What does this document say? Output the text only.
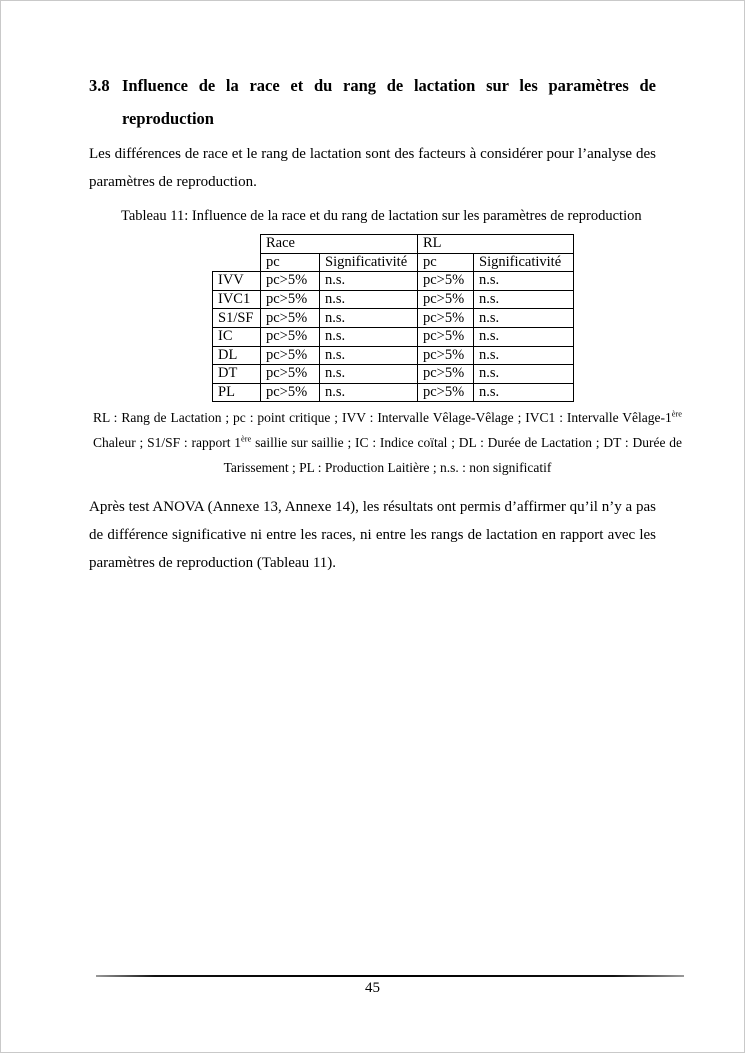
3.8 Influence de la race et du rang de lactation sur les paramètres de reproduction

Les différences de race et le rang de lactation sont des facteurs à considérer pour l’analyse des paramètres de reproduction.

Tableau 11: Influence de la race et du rang de lactation sur les paramètres de reproduction
	Race		RL	
	pc	Significativité	pc	Significativité
IVV	pc>5%	n.s.	pc>5%	n.s.
IVC1	pc>5%	n.s.	pc>5%	n.s.
S1/SF	pc>5%	n.s.	pc>5%	n.s.
IC	pc>5%	n.s.	pc>5%	n.s.
DL	pc>5%	n.s.	pc>5%	n.s.
DT	pc>5%	n.s.	pc>5%	n.s.
PL	pc>5%	n.s.	pc>5%	n.s.
RL : Rang de Lactation ; pc : point critique ; IVV : Intervalle Vêlage-Vêlage ; IVC1 : Intervalle Vêlage-1ère Chaleur ; S1/SF : rapport 1ère saillie sur saillie ; IC : Indice coïtal ; DL : Durée de Lactation ; DT : Durée de Tarissement ; PL : Production Laitière ; n.s. : non significatif

Après test ANOVA (Annexe 13, Annexe 14), les résultats ont permis d’affirmer qu’il n’y a pas de différence significative ni entre les races, ni entre les rangs de lactation en rapport avec les paramètres de reproduction (Tableau 11).

45
